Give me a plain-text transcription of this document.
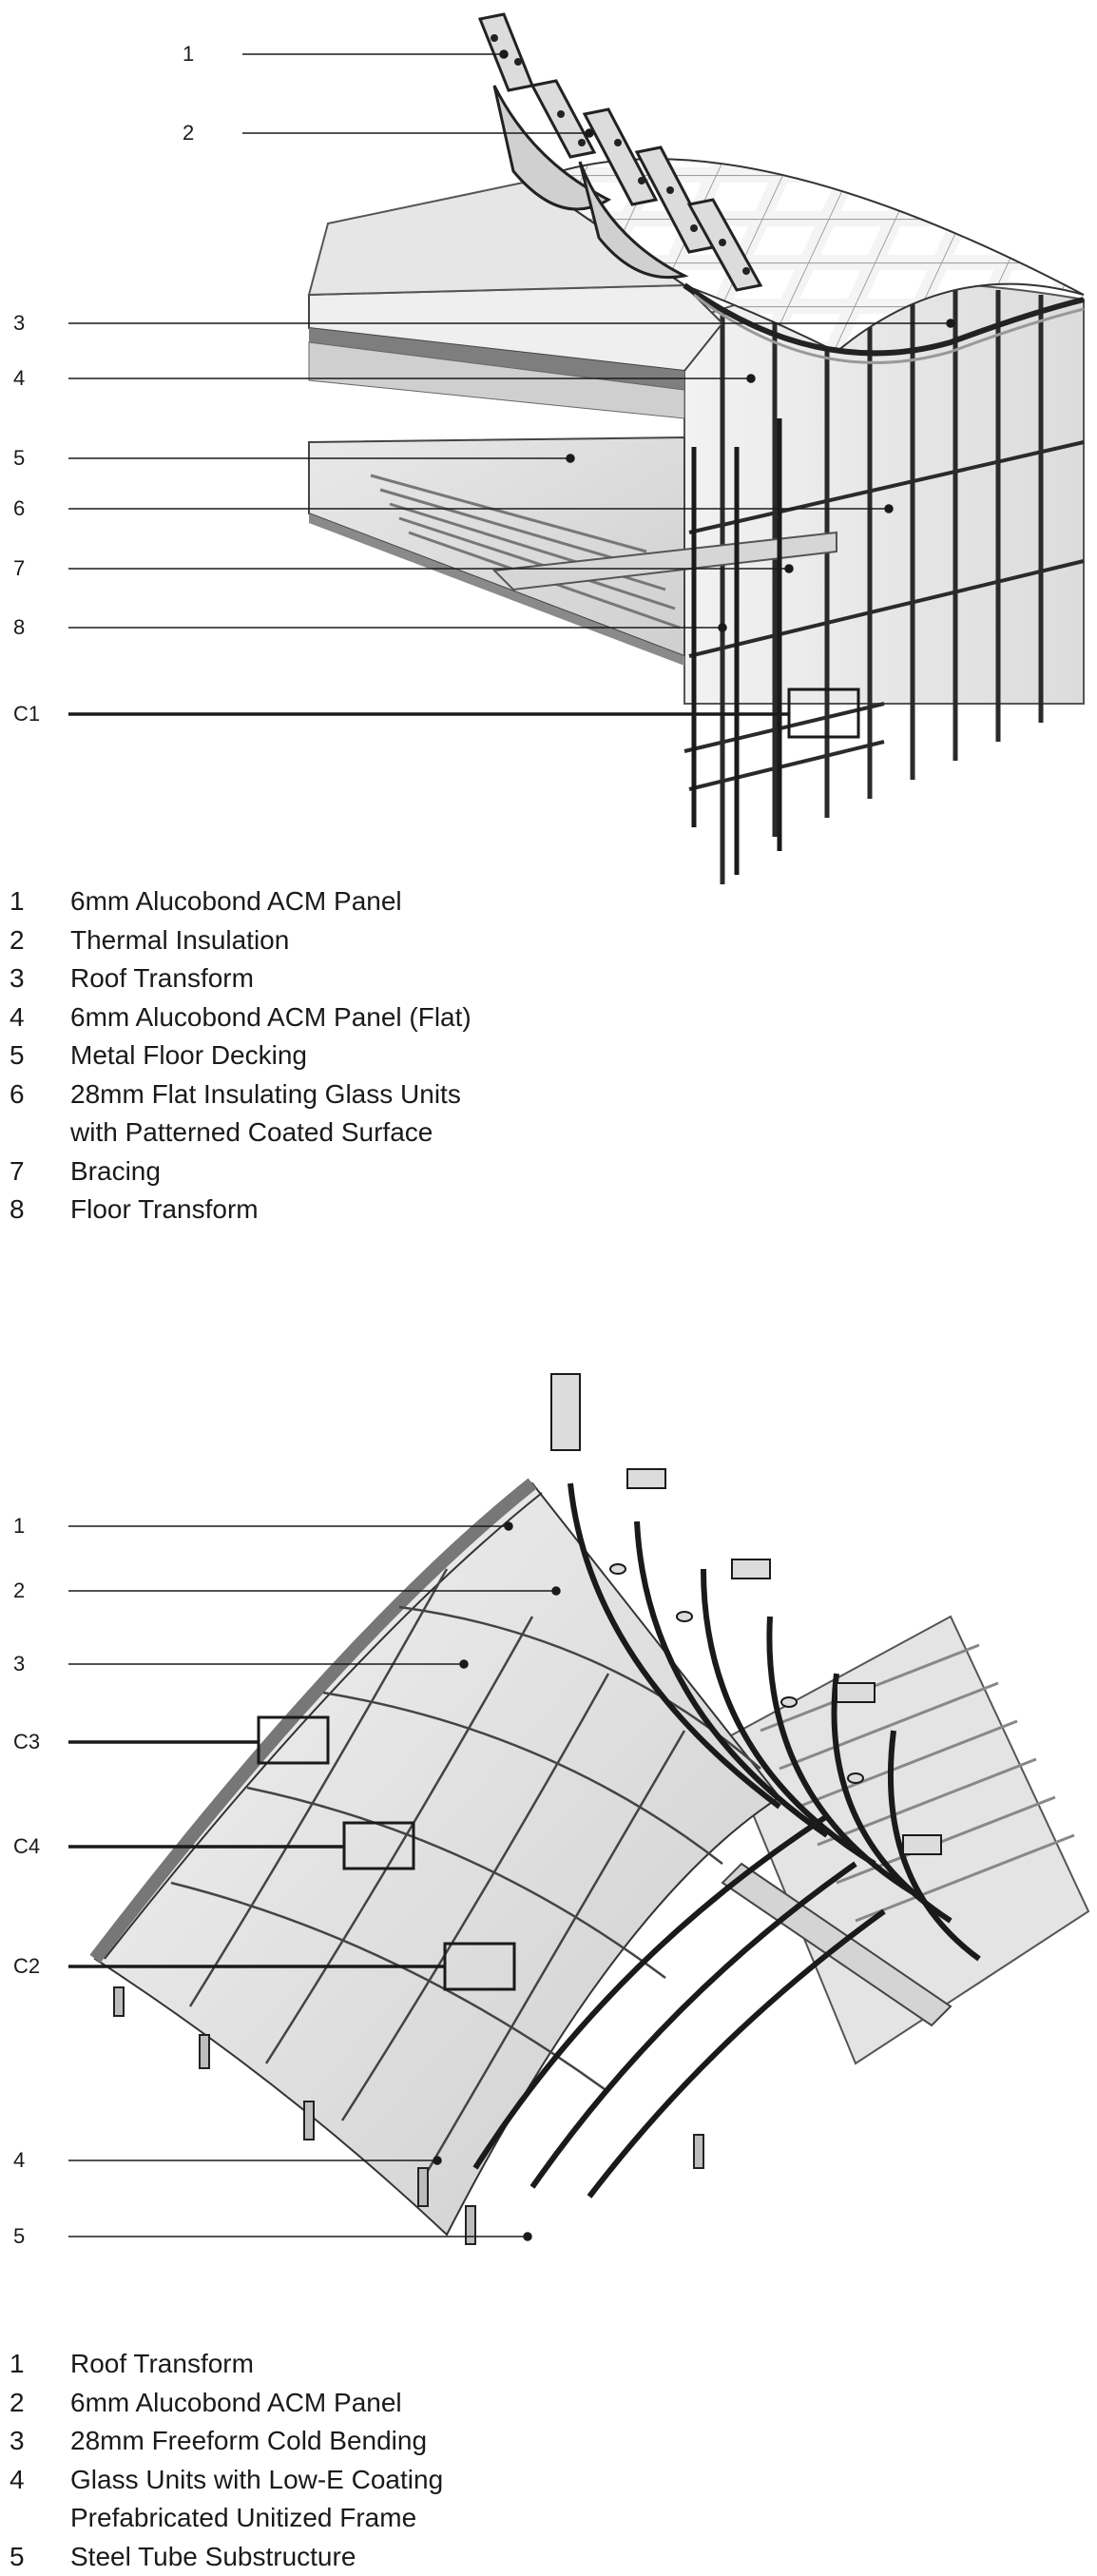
1
2
3
4
5
6
7
8
C1
1	6mm Alucobond ACM Panel
2	Thermal Insulation
3	Roof Transform
4	6mm Alucobond ACM Panel (Flat)
5	Metal Floor Decking
6	28mm Flat Insulating Glass Units
with Patterned Coated Surface
7	Bracing
8	Floor Transform
1
2
3
C3
C4
C2
4
5
1	Roof Transform
2	6mm Alucobond ACM Panel
3	28mm Freeform Cold Bending
4	Glass Units with Low-E Coating
Prefabricated Unitized Frame
5	Steel Tube Substructure
